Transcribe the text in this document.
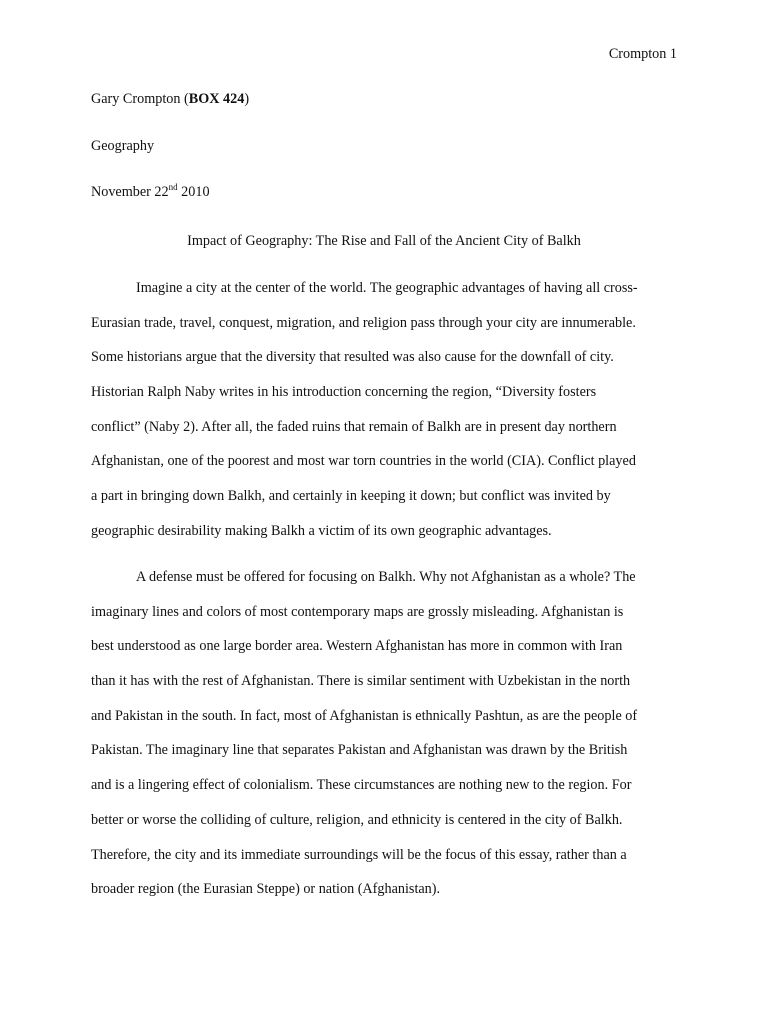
Crompton 1
Gary Crompton (BOX 424)
Geography
November 22nd 2010
Impact of Geography: The Rise and Fall of the Ancient City of Balkh
Imagine a city at the center of the world. The geographic advantages of having all cross-
Eurasian trade, travel, conquest, migration, and religion pass through your city are innumerable.
Some historians argue that the diversity that resulted was also cause for the downfall of city.
Historian Ralph Naby writes in his introduction concerning the region, “Diversity fosters
conflict” (Naby 2). After all, the faded ruins that remain of Balkh are in present day northern
Afghanistan, one of the poorest and most war torn countries in the world (CIA). Conflict played
a part in bringing down Balkh, and certainly in keeping it down; but conflict was invited by
geographic desirability making Balkh a victim of its own geographic advantages.
A defense must be offered for focusing on Balkh. Why not Afghanistan as a whole? The
imaginary lines and colors of most contemporary maps are grossly misleading. Afghanistan is
best understood as one large border area. Western Afghanistan has more in common with Iran
than it has with the rest of Afghanistan. There is similar sentiment with Uzbekistan in the north
and Pakistan in the south. In fact, most of Afghanistan is ethnically Pashtun, as are the people of
Pakistan. The imaginary line that separates Pakistan and Afghanistan was drawn by the British
and is a lingering effect of colonialism. These circumstances are nothing new to the region. For
better or worse the colliding of culture, religion, and ethnicity is centered in the city of Balkh.
Therefore, the city and its immediate surroundings will be the focus of this essay, rather than a
broader region (the Eurasian Steppe) or nation (Afghanistan).
